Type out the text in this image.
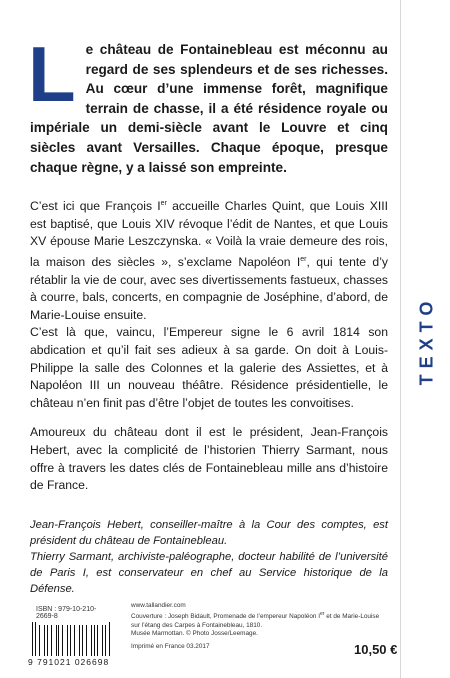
TEXTO

L e château de Fontainebleau est méconnu au regard de ses splendeurs et de ses richesses. Au cœur d’une immense forêt, magnifique terrain de chasse, il a été résidence royale ou impériale un demi-siècle avant le Louvre et cinq siècles avant Versailles. Chaque époque, presque chaque règne, y a laissé son empreinte.

C’est ici que François Ier accueille Charles Quint, que Louis XIII est baptisé, que Louis XIV révoque l’édit de Nantes, et que Louis XV épouse Marie Leszczynska. « Voilà la vraie demeure des rois, la maison des siècles », s’exclame Napoléon Ier, qui tente d’y rétablir la vie de cour, avec ses divertissements fastueux, chasses à courre, bals, concerts, en compagnie de Joséphine, d’abord, de Marie-Louise ensuite.

C’est là que, vaincu, l’Empereur signe le 6 avril 1814 son abdication et qu’il fait ses adieux à sa garde. On doit à Louis-Philippe la salle des Colonnes et la galerie des Assiettes, et à Napoléon III un nouveau théâtre. Résidence présidentielle, le château n’en finit pas d’être l’objet de toutes les convoitises.

Amoureux du château dont il est le président, Jean-François Hebert, avec la complicité de l’historien Thierry Sarmant, nous offre à travers les dates clés de Fontainebleau mille ans d’histoire de France.

Jean-François Hebert, conseiller-maître à la Cour des comptes, est président du château de Fontainebleau.
Thierry Sarmant, archiviste-paléographe, docteur habilité de l’université de Paris I, est conservateur en chef au Service historique de la Défense.
ISBN : 979-10-210-2669-8
9 791021 026698
www.tallandier.com
Couverture : Joseph Bidault, Promenade de l’empereur Napoléon Ier et de Marie-Louise sur l’étang des Carpes à Fontainebleau, 1810.
Musée Marmottan. © Photo Josse/Leemage.
Imprimé en France 03.2017	10,50 €
